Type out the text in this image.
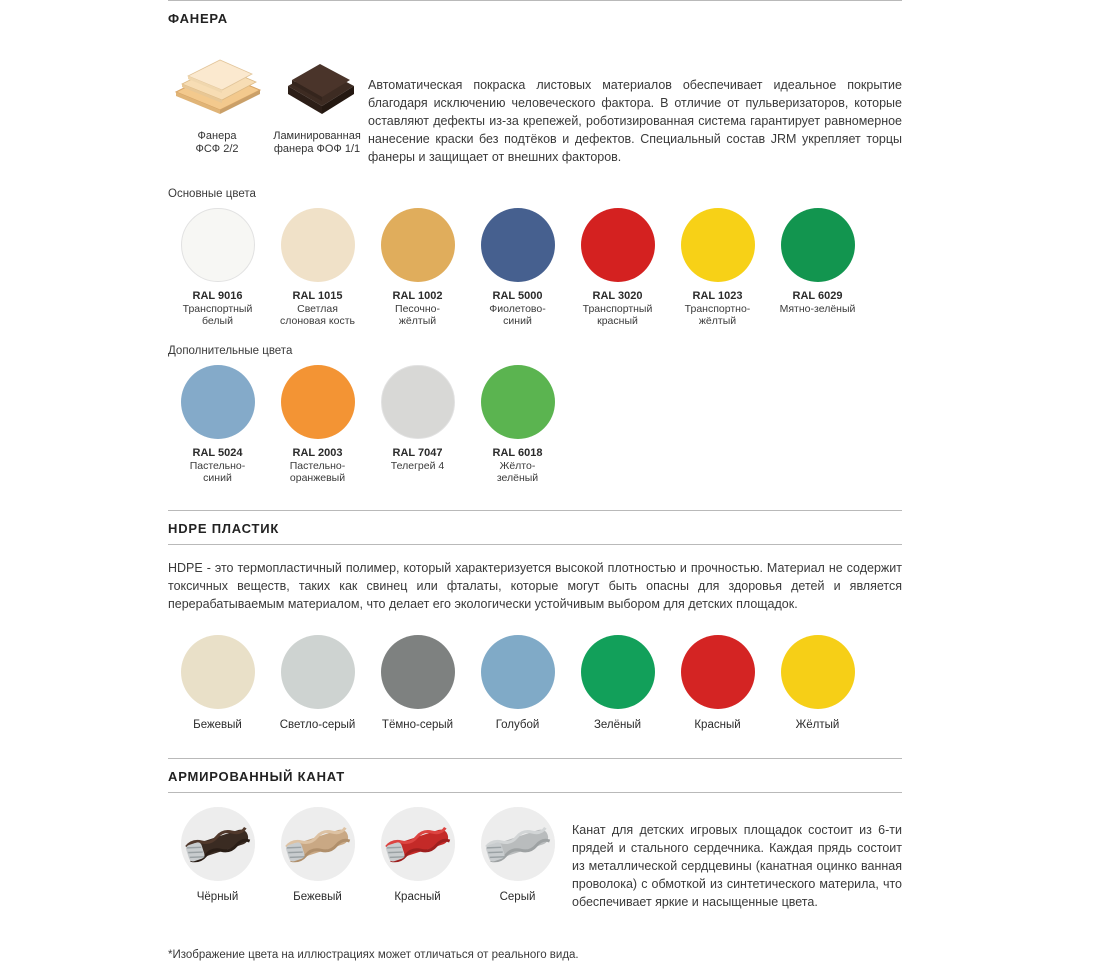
ФАНЕРА
Фанера
ФСФ 2/2
Ламинированная
фанера ФОФ 1/1
Автоматическая покраска листовых материалов обеспечивает идеальное покрытие благодаря исключению человеческого фактора. В отличие от пульверизаторов, которые оставляют дефекты из-за крепежей, роботизированная система гарантирует равномерное нанесение краски без подтёков и дефектов. Специальный состав JRM укрепляет торцы фанеры и защищает от внешних факторов.
Основные цвета
RAL 9016
Транспортный
белый
RAL 1015
Светлая
слоновая кость
RAL 1002
Песочно-
жёлтый
RAL 5000
Фиолетово-
синий
RAL 3020
Транспортный
красный
RAL 1023
Транспортно-
жёлтый
RAL 6029
Мятно-зелёный
Дополнительные цвета
RAL 5024
Пастельно-
синий
RAL 2003
Пастельно-
оранжевый
RAL 7047
Телегрей 4
RAL 6018
Жёлто-
зелёный
HDPE ПЛАСТИК
HDPE - это термопластичный полимер, который характеризуется высокой плотностью и прочностью. Материал не содержит токсичных веществ, таких как свинец или фталаты, которые могут быть опасны для здоровья детей и является перерабатываемым материалом, что делает его экологически устойчивым выбором для детских площадок.
Бежевый	Светло-серый	Тёмно-серый	Голубой	Зелёный	Красный	Жёлтый
АРМИРОВАННЫЙ КАНАТ
Чёрный	Бежевый	Красный	Серый
Канат для детских игровых площадок состоит из 6-ти прядей и стального сердечника. Каждая прядь состоит из металлической сердцевины (канатная оцинко ванная проволока) с обмоткой из синтетического материла, что обеспечивает яркие и насыщенные цвета.
*Изображение цвета на иллюстрациях может отличаться от реального вида.
